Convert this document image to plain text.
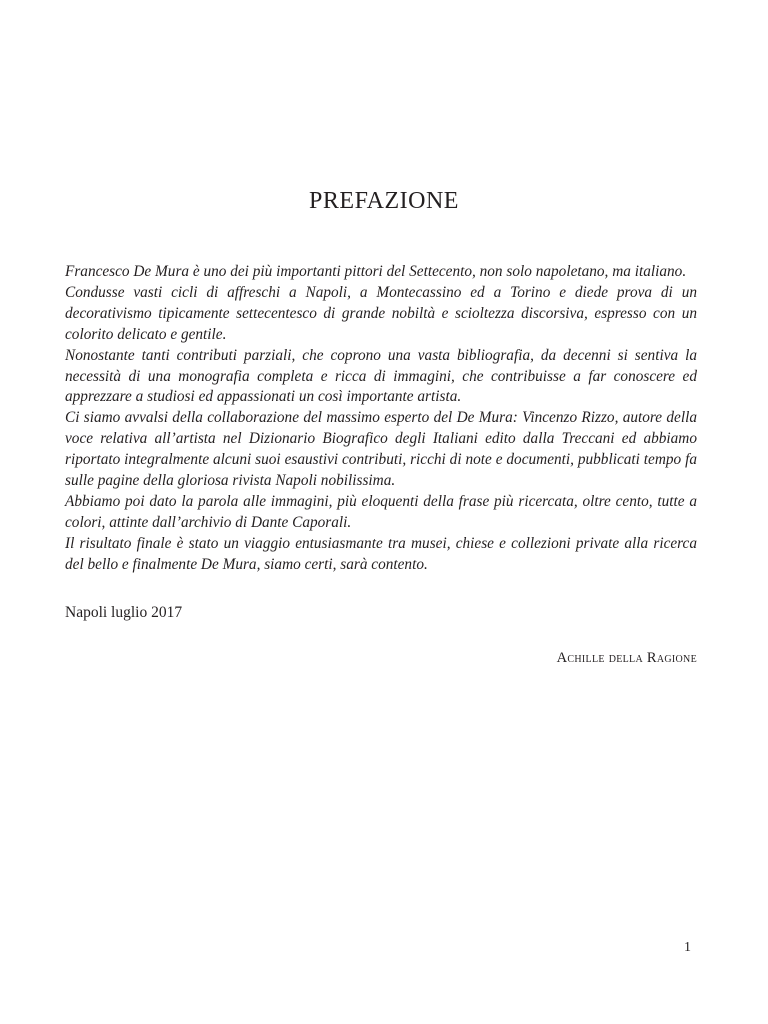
PREFAZIONE

Francesco De Mura è uno dei più importanti pittori del Settecento, non solo napoletano, ma italiano.

Condusse vasti cicli di affreschi a Napoli, a Montecassino ed a Torino e diede prova di un decorativismo tipicamente settecentesco di grande nobiltà e scioltezza discorsiva, espresso con un colorito delicato e gentile.

Nonostante tanti contributi parziali, che coprono una vasta bibliografia, da decenni si sentiva la necessità di una monografia completa e ricca di immagini, che contribuisse a far conoscere ed apprezzare a studiosi ed appassionati un così importante artista.

Ci siamo avvalsi della collaborazione del massimo esperto del De Mura: Vincenzo Rizzo, autore della voce relativa all’artista nel Dizionario Biografico degli Italiani edito dalla Treccani ed abbiamo riportato integralmente alcuni suoi esaustivi contributi, ricchi di note e documenti, pubblicati tempo fa sulle pagine della gloriosa rivista Napoli nobilissima.

Abbiamo poi dato la parola alle immagini, più eloquenti della frase più ricercata, oltre cento, tutte a colori, attinte dall’archivio di Dante Caporali.

Il risultato finale è stato un viaggio entusiasmante tra musei, chiese e collezioni private alla ricerca del bello e finalmente De Mura, siamo certi, sarà contento.

Napoli luglio 2017

Achille della Ragione

1
